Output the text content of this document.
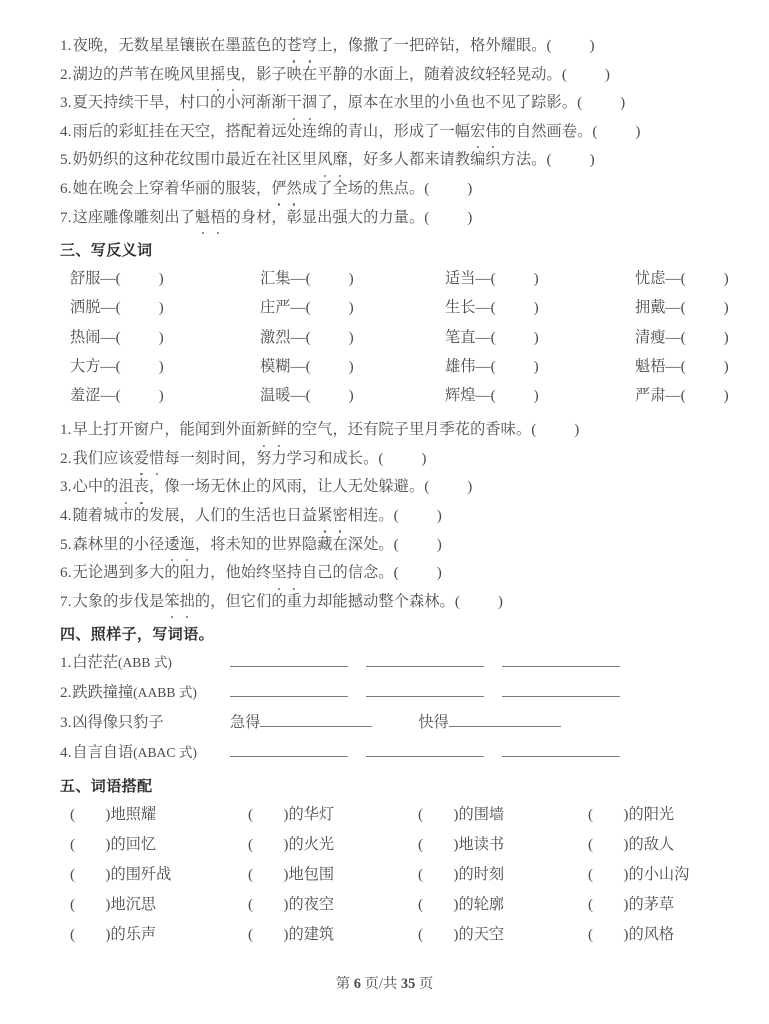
1.夜晚，无数星星镶嵌在墨蓝色的苍穹上，像撒了一把碎钻，格外耀眼。(          )
2.湖边的芦苇在晚风里摇曳，影子映在平静的水面上，随着波纹轻轻晃动。(          )
3.夏天持续干旱，村口的小河渐渐干涸了，原本在水里的小鱼也不见了踪影。(          )
4.雨后的彩虹挂在天空，搭配着远处连绵的青山，形成了一幅宏伟的自然画卷。(          )
5.奶奶织的这种花纹围巾最近在社区里风靡，好多人都来请教编织方法。(          )
6.她在晚会上穿着华丽的服装，俨然成了全场的焦点。(          )
7.这座雕像雕刻出了魁梧的身材，彰显出强大的力量。(          )
三、写反义词
舒服—(          )	汇集—(          )	适当—(          )	忧虑—(          )
洒脱—(          )	庄严—(          )	生长—(          )	拥戴—(          )
热闹—(          )	激烈—(          )	笔直—(          )	清瘦—(          )
大方—(          )	模糊—(          )	雄伟—(          )	魁梧—(          )
羞涩—(          )	温暖—(          )	辉煌—(          )	严肃—(          )
1.早上打开窗户，能闻到外面新鲜的空气，还有院子里月季花的香味。(          )
2.我们应该爱惜每一刻时间，努力学习和成长。(          )
3.心中的沮丧，像一场无休止的风雨，让人无处躲避。(          )
4.随着城市的发展，人们的生活也日益紧密相连。(          )
5.森林里的小径逶迤，将未知的世界隐藏在深处。(          )
6.无论遇到多大的阻力，他始终坚持自己的信念。(          )
7.大象的步伐是笨拙的，但它们的重力却能撼动整个森林。(          )
四、照样子，写词语。
1.白茫茫(ABB 式)
2.跌跌撞撞(AABB 式)
3.凶得像只豹子	急得	快得
4.自言自语(ABAC 式)
五、词语搭配
(        )地照耀	(        )的华灯	(        )的围墙	(        )的阳光
(        )的回忆	(        )的火光	(        )地读书	(        )的敌人
(        )的围歼战	(        )地包围	(        )的时刻	(        )的小山沟
(        )地沉思	(        )的夜空	(        )的轮廓	(        )的茅草
(        )的乐声	(        )的建筑	(        )的天空	(        )的风格
第 6 页/共 35 页
